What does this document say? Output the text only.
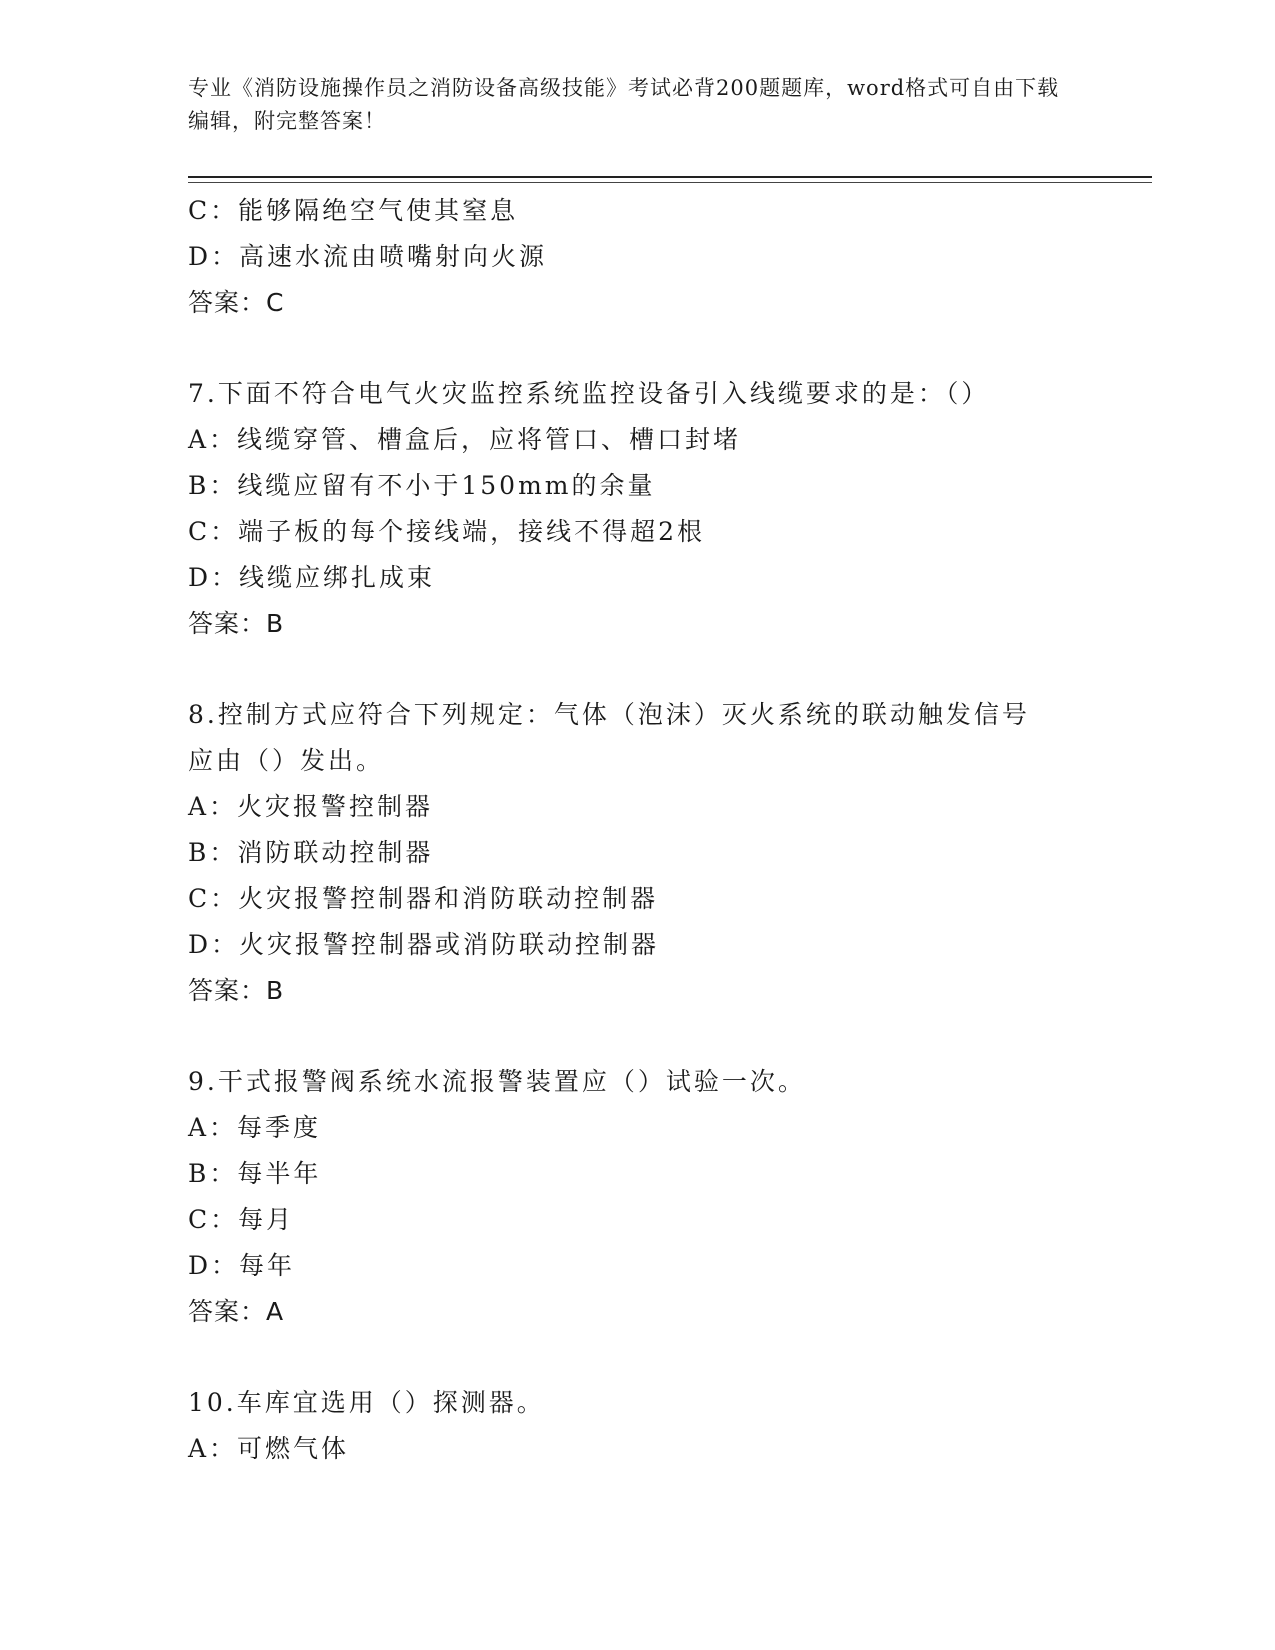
专业《消防设施操作员之消防设备高级技能》考试必背200题题库，word格式可自由下载编辑，附完整答案！
C：能够隔绝空气使其窒息
D：高速水流由喷嘴射向火源
答案：C
7.下面不符合电气火灾监控系统监控设备引入线缆要求的是：（）
A：线缆穿管、槽盒后，应将管口、槽口封堵
B：线缆应留有不小于150mm的余量
C：端子板的每个接线端，接线不得超2根
D：线缆应绑扎成束
答案：B
8.控制方式应符合下列规定：气体（泡沫）灭火系统的联动触发信号
应由（）发出。
A：火灾报警控制器
B：消防联动控制器
C：火灾报警控制器和消防联动控制器
D：火灾报警控制器或消防联动控制器
答案：B
9.干式报警阀系统水流报警装置应（）试验一次。
A：每季度
B：每半年
C：每月
D：每年
答案：A
10.车库宜选用（）探测器。
A：可燃气体
